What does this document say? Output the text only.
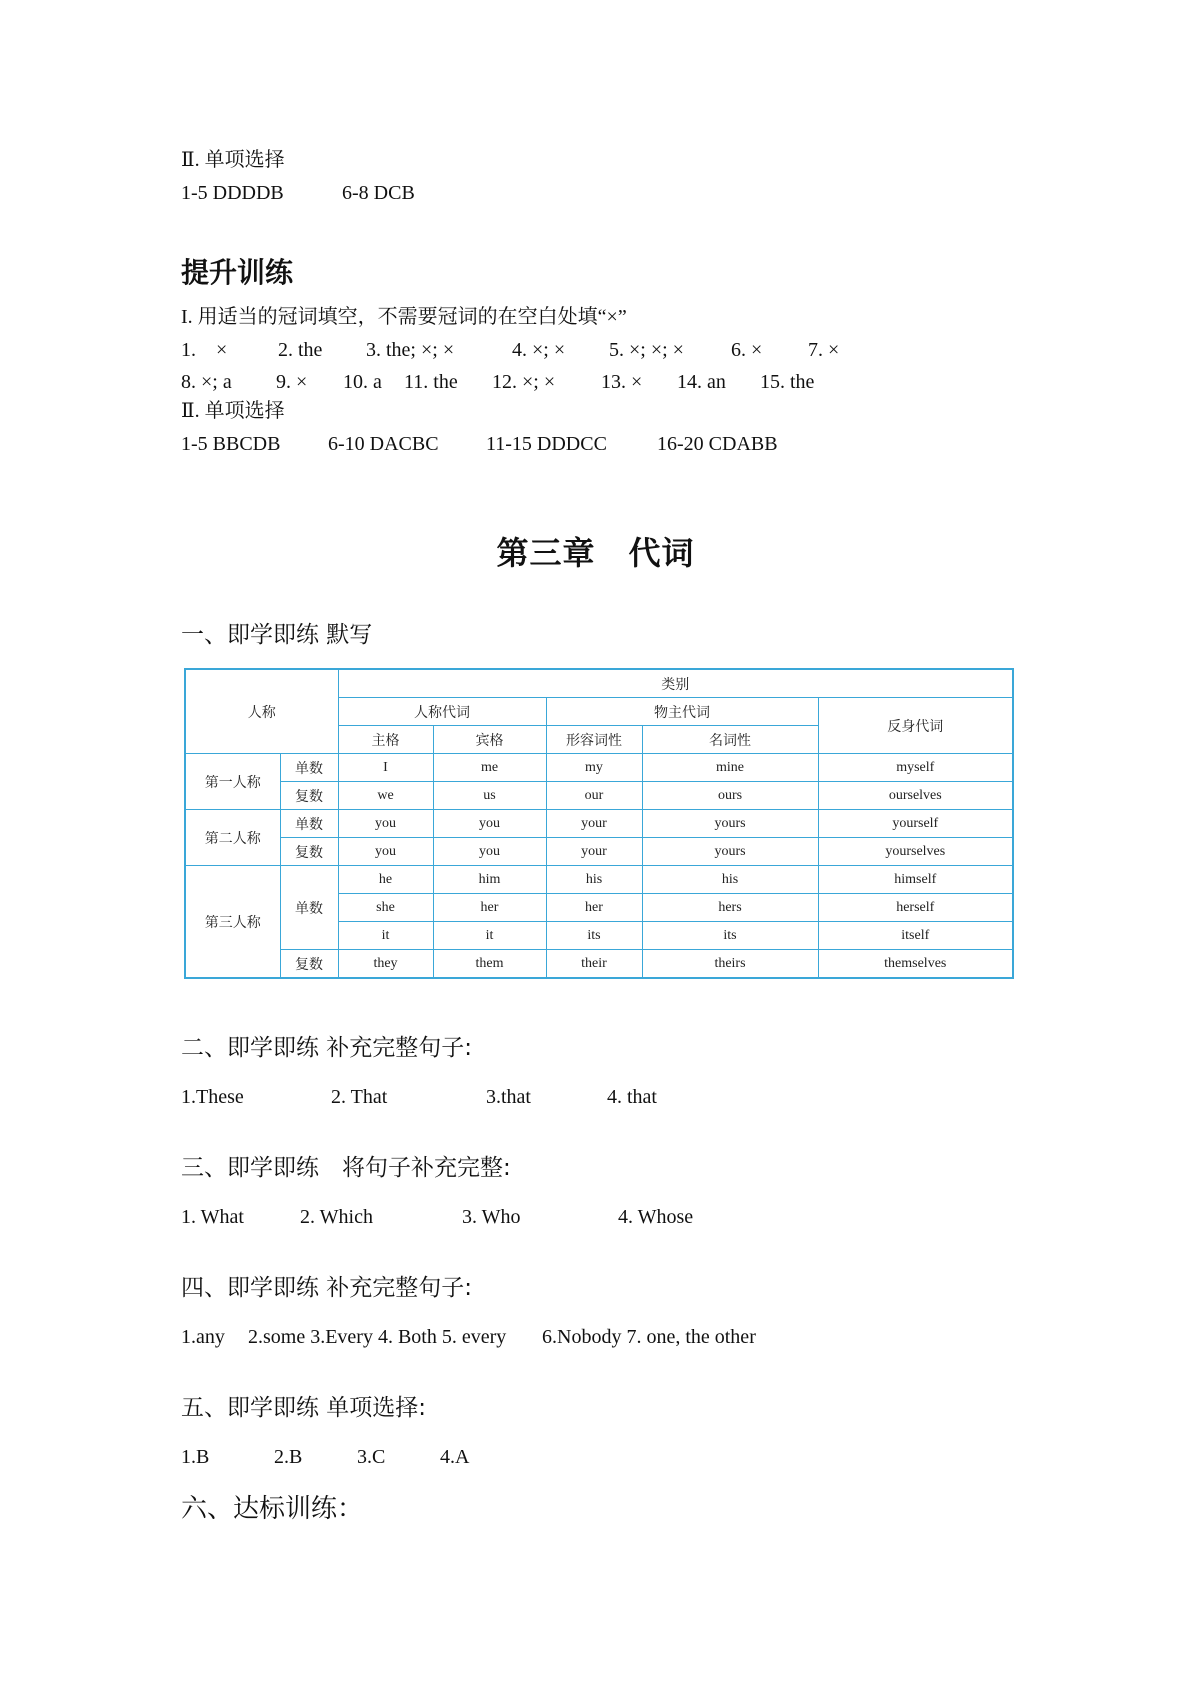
Ⅱ. 单项选择
1-5 DDDDB	6-8 DCB
提升训练
I. 用适当的冠词填空，不需要冠词的在空白处填“×”
1.　×	2. the 3. the; ×; ×	4. ×; × 5. ×; ×; × 6. × 7. ×
8. ×; a 9. × 10. a 11. the 12. ×; × 13. × 14. an 15. the
Ⅱ. 单项选择
1-5 BBCDB 6-10 DACBC 11-15 DDDCC	16-20 CDABB
第三章　代词
一、即学即练 默写
人称		类别				
		人称代词		物主代词		反身代词
		主格	宾格	形容词性	名词性	
第一人称	单数	I	me	my	mine	myself
	复数	we	us	our	ours	ourselves
第二人称	单数	you	you	your	yours	yourself
	复数	you	you	your	yours	yourselves
第三人称	单数	he	him	his	his	himself
		she	her	her	hers	herself
		it	it	its	its	itself
	复数	they	them	their	theirs	themselves
二、即学即练 补充完整句子:
1.These	2. That	3.that	4. that
三、即学即练　将句子补充完整:
1. What	2. Which	3. Who	4. Whose
四、即学即练 补充完整句子:
1.any 2.some 3.Every 4. Both 5. every 6.Nobody 7. one, the other
五、即学即练 单项选择:
1.B	2.B	3.C	4.A
六、达标训练：
